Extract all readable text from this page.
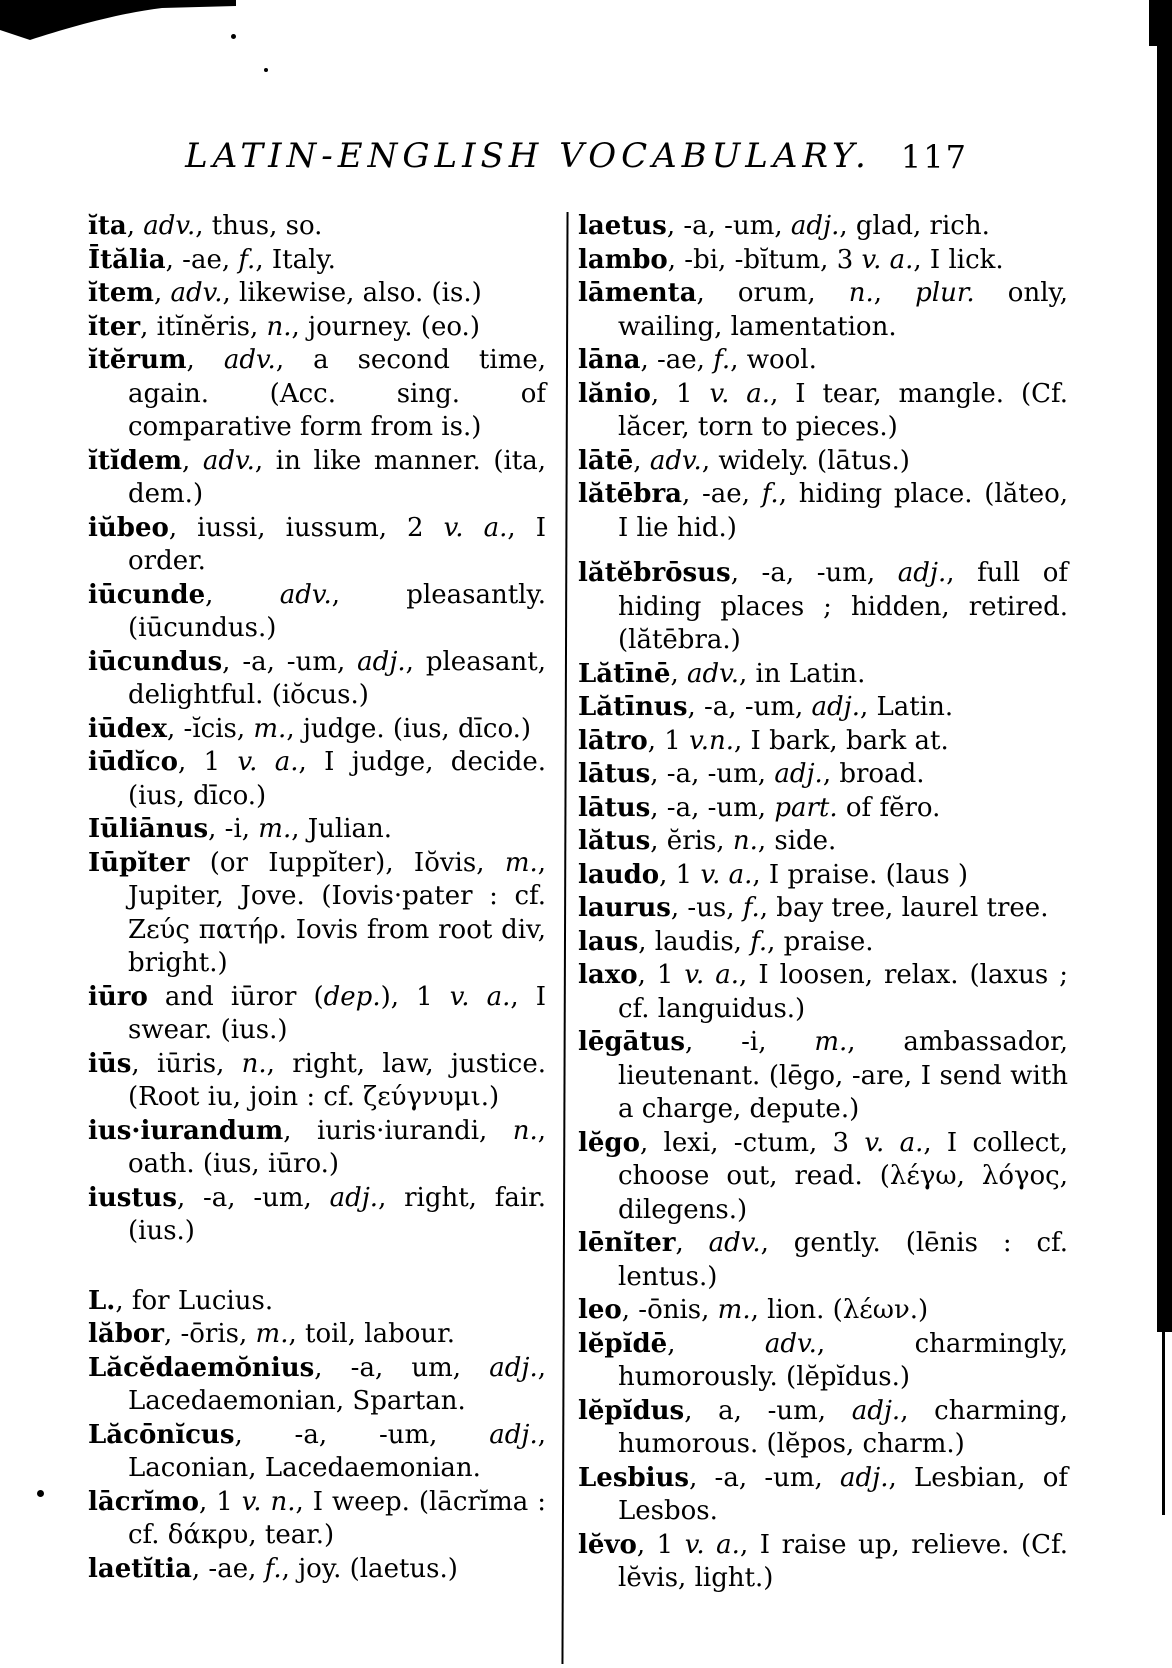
LATIN-ENGLISH VOCABULARY. 117

ĭta, adv., thus, so.

Ītălia, -ae, f., Italy.

ĭtem, adv., likewise, also. (is.)

ĭter, itĭnĕris, n., journey. (eo.)

ĭtĕrum, adv., a second time, again. (Acc. sing. of comparative form from is.)

ĭtĭdem, adv., in like manner. (ita, dem.)

iŭbeo, iussi, iussum, 2 v. a., I order.

iūcunde, adv., pleasantly. (iūcundus.)

iūcundus, -a, -um, adj., pleasant, delightful. (iŏcus.)

iūdex, -ĭcis, m., judge. (ius, dīco.)

iūdĭco, 1 v. a., I judge, decide. (ius, dīco.)

Iūliānus, -i, m., Julian.

Iūpĭter (or Iuppĭter), Iŏvis, m., Jupiter, Jove. (Iovis·pater : cf. Ζεύς πατήρ. Iovis from root div, bright.)

iūro and iūror (dep.), 1 v. a., I swear. (ius.)

iūs, iūris, n., right, law, justice. (Root iu, join : cf. ζεύγνυμι.)

ius·iurandum, iuris·iurandi, n., oath. (ius, iūro.)

iustus, -a, -um, adj., right, fair. (ius.)

L., for Lucius.

lăbor, -ōris, m., toil, labour.

Lăcĕdaemŏnius, -a, um, adj., Lacedaemonian, Spartan.

Lăcōnĭcus, -a, -um, adj., Laconian, Lacedaemonian.

lācrĭmo, 1 v. n., I weep. (lācrĭma : cf. δάκρυ, tear.)

laetĭtia, -ae, f., joy. (laetus.)

laetus, -a, -um, adj., glad, rich.

lambo, -bi, -bĭtum, 3 v. a., I lick.

lāmenta, orum, n., plur. only, wailing, lamentation.

lāna, -ae, f., wool.

lănio, 1 v. a., I tear, mangle. (Cf. lăcer, torn to pieces.)

lātē, adv., widely. (lātus.)

lătēbra, -ae, f., hiding place. (lăteo, I lie hid.)

lătĕbrōsus, -a, -um, adj., full of hiding places ; hidden, retired. (lătēbra.)

Lătīnē, adv., in Latin.

Lătīnus, -a, -um, adj., Latin.

lātro, 1 v.n., I bark, bark at.

lātus, -a, -um, adj., broad.

lātus, -a, -um, part. of fĕro.

lătus, ĕris, n., side.

laudo, 1 v. a., I praise. (laus )

laurus, -us, f., bay tree, laurel tree.

laus, laudis, f., praise.

laxo, 1 v. a., I loosen, relax. (laxus ; cf. languidus.)

lēgātus, -i, m., ambassador, lieutenant. (lēgo, -are, I send with a charge, depute.)

lĕgo, lexi, -ctum, 3 v. a., I collect, choose out, read. (λέγω, λόγος, dilegens.)

lēnĭter, adv., gently. (lēnis : cf. lentus.)

leo, -ōnis, m., lion. (λέων.)

lĕpĭdē, adv., charmingly, humorously. (lĕpĭdus.)

lĕpĭdus, a, -um, adj., charming, humorous. (lĕpos, charm.)

Lesbius, -a, -um, adj., Lesbian, of Lesbos.

lĕvo, 1 v. a., I raise up, relieve. (Cf. lĕvis, light.)
